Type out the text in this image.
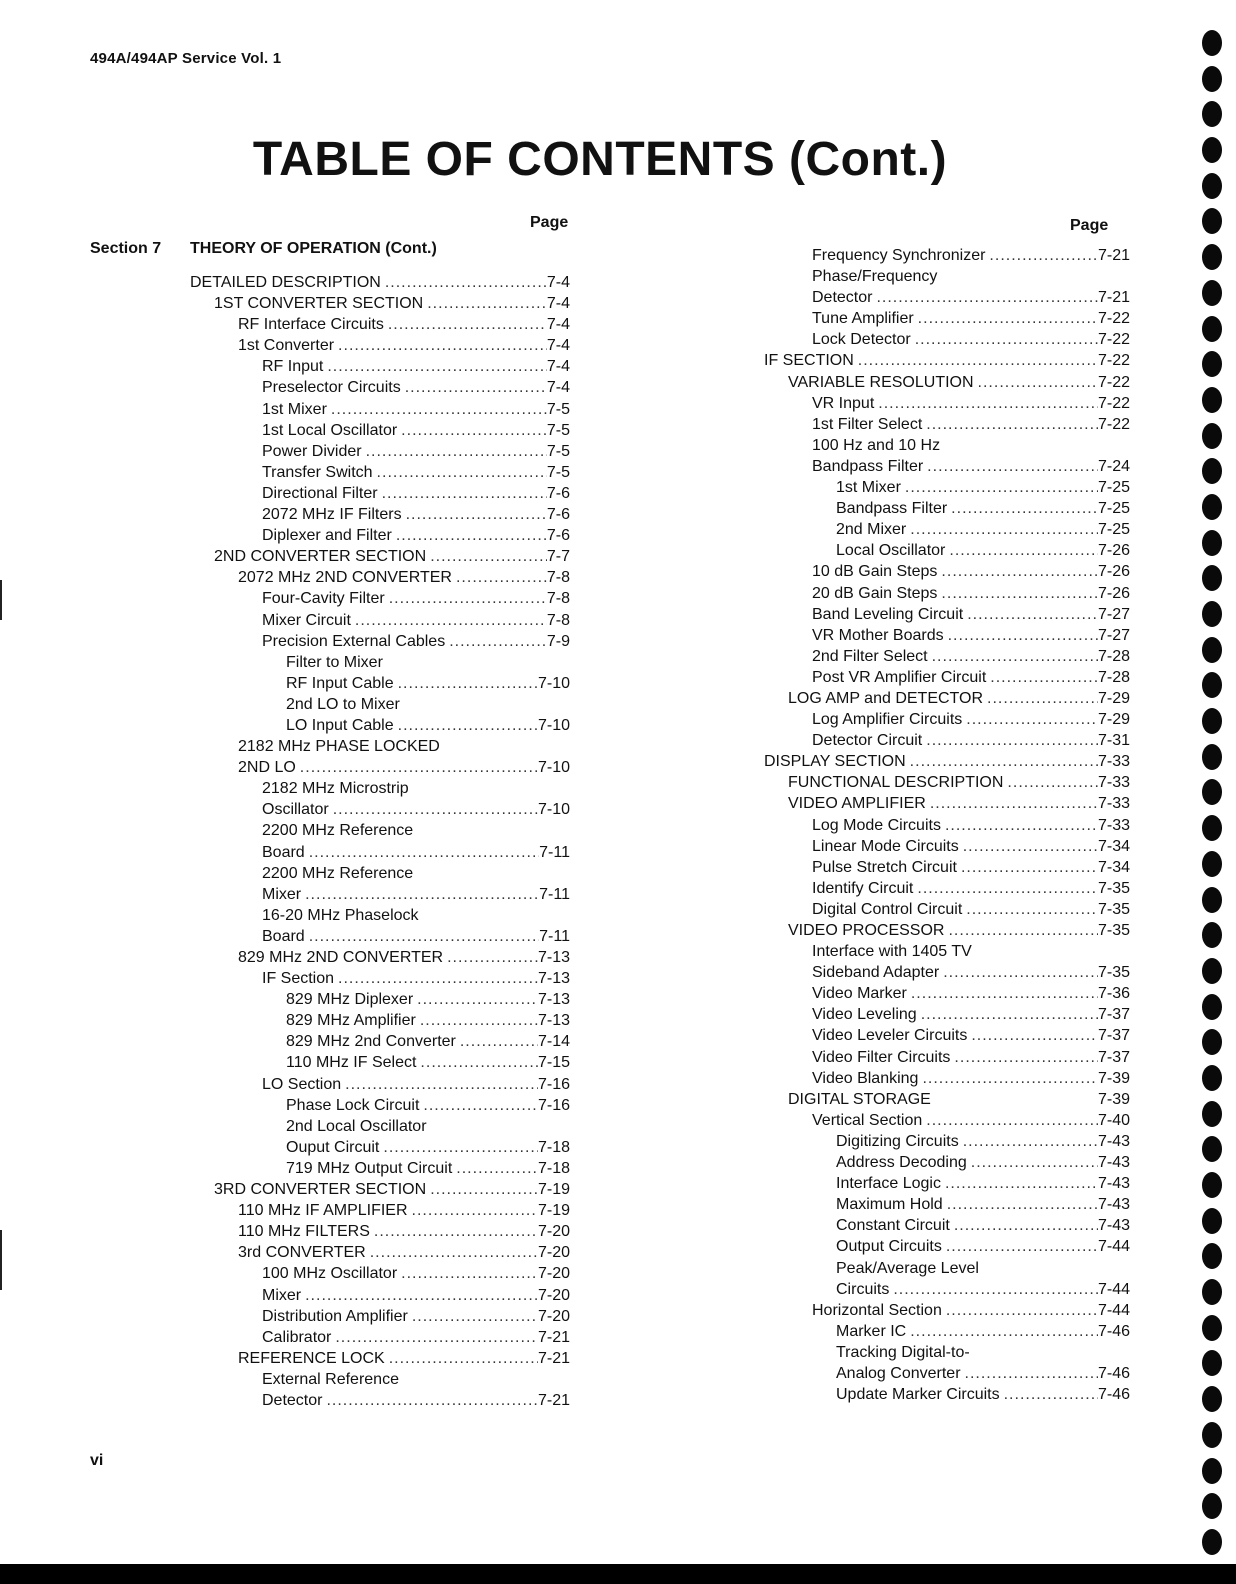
494A/494AP Service Vol. 1
TABLE OF CONTENTS (Cont.)
Page	Page
Section 7 THEORY OF OPERATION (Cont.)
DETAILED DESCRIPTION .....	7-4
1ST CONVERTER SECTION .....	7-4
RF Interface Circuits .....	7-4
1st Converter .....	7-4
RF Input .....	7-4
Preselector Circuits .....	7-4
1st Mixer .....	7-5
1st Local Oscillator .....	7-5
Power Divider .....	7-5
Transfer Switch .....	7-5
Directional Filter .....	7-6
2072 MHz IF Filters .....	7-6
Diplexer and Filter .....	7-6
2ND CONVERTER SECTION .....	7-7
2072 MHz 2ND CONVERTER .....	7-8
Four-Cavity Filter .....	7-8
Mixer Circuit .....	7-8
Precision External Cables .....	7-9
Filter to Mixer
RF Input Cable .....	7-10
2nd LO to Mixer
LO Input Cable .....	7-10
2182 MHz PHASE LOCKED
2ND LO .....	7-10
2182 MHz Microstrip
Oscillator .....	7-10
2200 MHz Reference
Board .....	7-11
2200 MHz Reference
Mixer .....	7-11
16-20 MHz Phaselock
Board .....	7-11
829 MHz 2ND CONVERTER .....	7-13
IF Section .....	7-13
829 MHz Diplexer .....	7-13
829 MHz Amplifier .....	7-13
829 MHz 2nd Converter .....	7-14
110 MHz IF Select .....	7-15
LO Section .....	7-16
Phase Lock Circuit .....	7-16
2nd Local Oscillator
Ouput Circuit .....	7-18
719 MHz Output Circuit .....	7-18
3RD CONVERTER SECTION .....	7-19
110 MHz IF AMPLIFIER .....	7-19
110 MHz FILTERS .....	7-20
3rd CONVERTER .....	7-20
100 MHz Oscillator .....	7-20
Mixer .....	7-20
Distribution Amplifier .....	7-20
Calibrator .....	7-21
REFERENCE LOCK .....	7-21
External Reference
Detector .....	7-21
Frequency Synchronizer .....	7-21
Phase/Frequency
Detector .....	7-21
Tune Amplifier .....	7-22
Lock Detector .....	7-22
IF SECTION .....	7-22
VARIABLE RESOLUTION .....	7-22
VR Input .....	7-22
1st Filter Select .....	7-22
100 Hz and 10 Hz
Bandpass Filter .....	7-24
1st Mixer .....	7-25
Bandpass Filter .....	7-25
2nd Mixer .....	7-25
Local Oscillator .....	7-26
10 dB Gain Steps .....	7-26
20 dB Gain Steps .....	7-26
Band Leveling Circuit .....	7-27
VR Mother Boards .....	7-27
2nd Filter Select .....	7-28
Post VR Amplifier Circuit .....	7-28
LOG AMP and DETECTOR .....	7-29
Log Amplifier Circuits .....	7-29
Detector Circuit .....	7-31
DISPLAY SECTION .....	7-33
FUNCTIONAL DESCRIPTION .....	7-33
VIDEO AMPLIFIER .....	7-33
Log Mode Circuits .....	7-33
Linear Mode Circuits .....	7-34
Pulse Stretch Circuit .....	7-34
Identify Circuit .....	7-35
Digital Control Circuit .....	7-35
VIDEO PROCESSOR .....	7-35
Interface with 1405 TV
Sideband Adapter .....	7-35
Video Marker .....	7-36
Video Leveling .....	7-37
Video Leveler Circuits .....	7-37
Video Filter Circuits .....	7-37
Video Blanking .....	7-39
DIGITAL STORAGE	7-39
Vertical Section .....	7-40
Digitizing Circuits .....	7-43
Address Decoding .....	7-43
Interface Logic .....	7-43
Maximum Hold .....	7-43
Constant Circuit .....	7-43
Output Circuits .....	7-44
Peak/Average Level
Circuits .....	7-44
Horizontal Section .....	7-44
Marker IC .....	7-46
Tracking Digital-to-
Analog Converter .....	7-46
Update Marker Circuits .....	7-46
vi
